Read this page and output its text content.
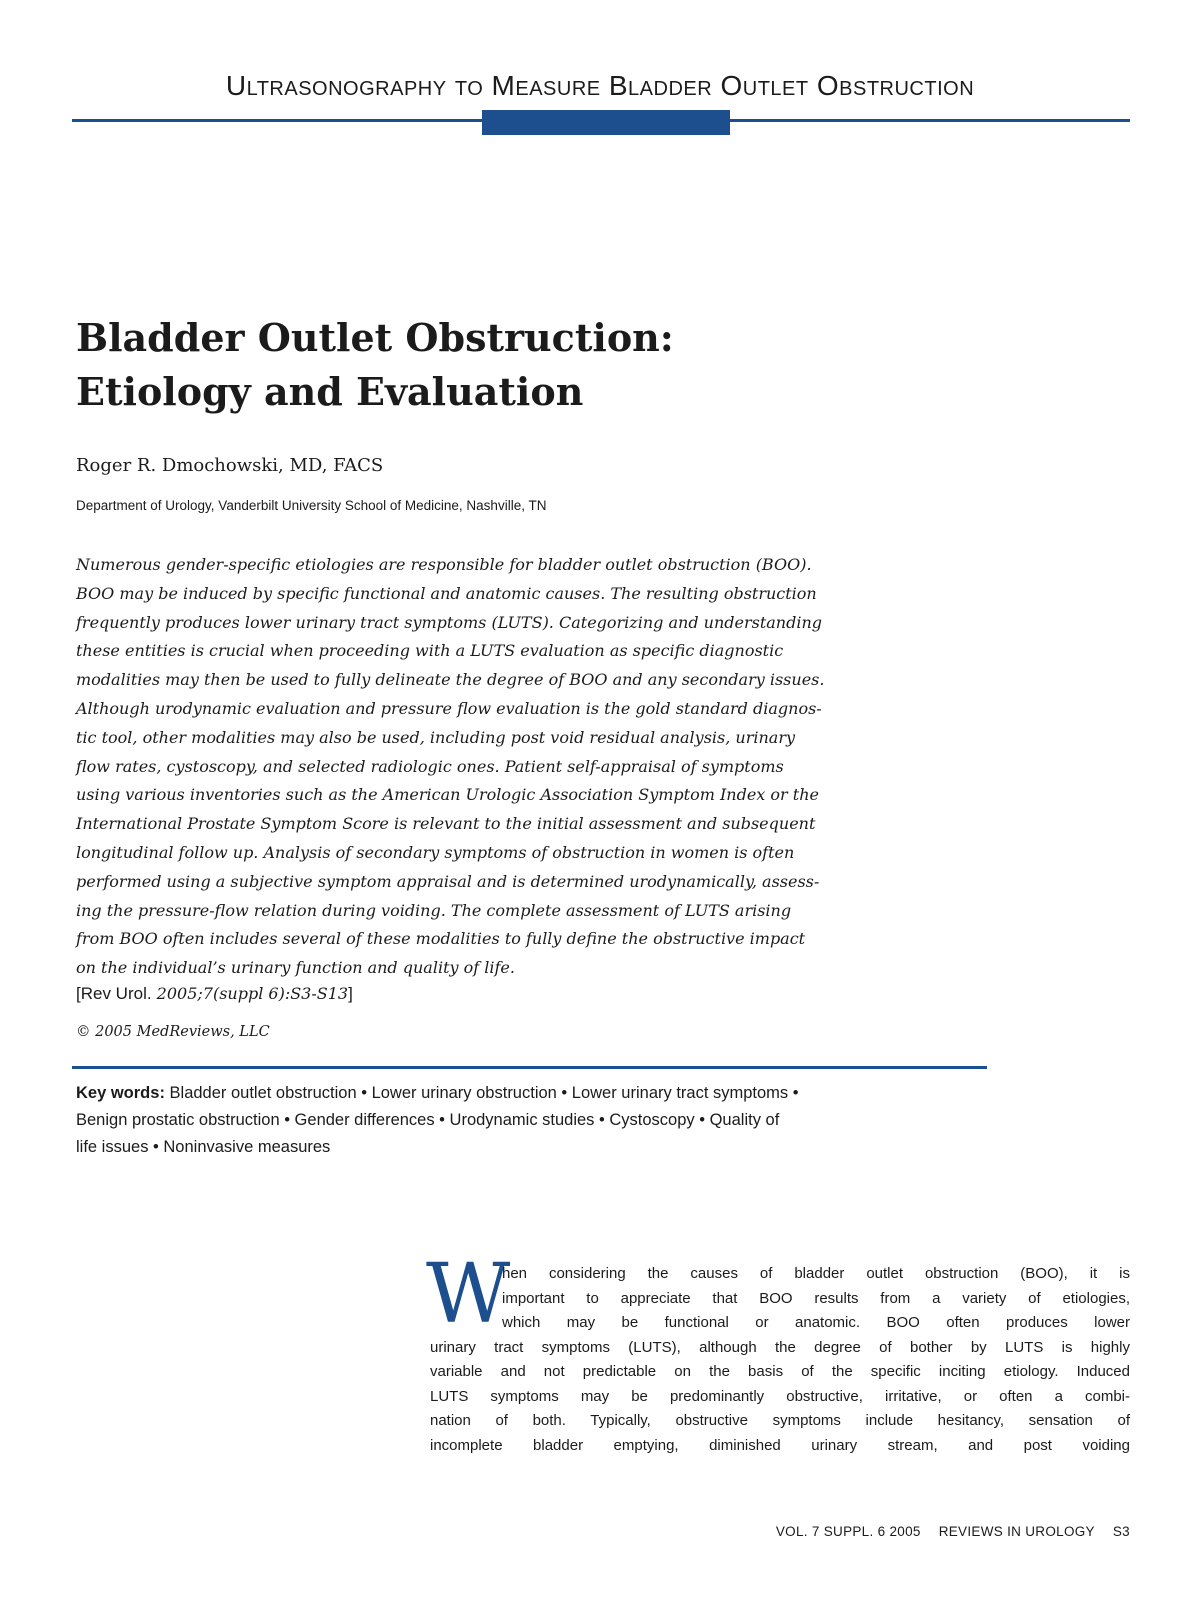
Ultrasonography to Measure Bladder Outlet Obstruction
Bladder Outlet Obstruction:
Etiology and Evaluation
Roger R. Dmochowski, MD, FACS
Department of Urology, Vanderbilt University School of Medicine, Nashville, TN
Numerous gender-specific etiologies are responsible for bladder outlet obstruction (BOO).
BOO may be induced by specific functional and anatomic causes. The resulting obstruction
frequently produces lower urinary tract symptoms (LUTS). Categorizing and understanding
these entities is crucial when proceeding with a LUTS evaluation as specific diagnostic
modalities may then be used to fully delineate the degree of BOO and any secondary issues.
Although urodynamic evaluation and pressure flow evaluation is the gold standard diagnos-
tic tool, other modalities may also be used, including post void residual analysis, urinary
flow rates, cystoscopy, and selected radiologic ones. Patient self-appraisal of symptoms
using various inventories such as the American Urologic Association Symptom Index or the
International Prostate Symptom Score is relevant to the initial assessment and subsequent
longitudinal follow up. Analysis of secondary symptoms of obstruction in women is often
performed using a subjective symptom appraisal and is determined urodynamically, assess-
ing the pressure-flow relation during voiding. The complete assessment of LUTS arising
from BOO often includes several of these modalities to fully define the obstructive impact
on the individual’s urinary function and quality of life.
[Rev Urol. 2005;7(suppl 6):S3-S13]
© 2005 MedReviews, LLC
Key words: Bladder outlet obstruction • Lower urinary obstruction • Lower urinary tract symptoms •
Benign prostatic obstruction • Gender differences • Urodynamic studies • Cystoscopy • Quality of
life issues • Noninvasive measures
W
hen considering the causes of bladder outlet obstruction (BOO), it is
important to appreciate that BOO results from a variety of etiologies,
which may be functional or anatomic. BOO often produces lower
urinary tract symptoms (LUTS), although the degree of bother by LUTS is highly
variable and not predictable on the basis of the specific inciting etiology. Induced
LUTS symptoms may be predominantly obstructive, irritative, or often a combi-
nation of both. Typically, obstructive symptoms include hesitancy, sensation of
incomplete bladder emptying, diminished urinary stream, and post voiding
VOL. 7 SUPPL. 6 2005 REVIEWS IN UROLOGY S3
